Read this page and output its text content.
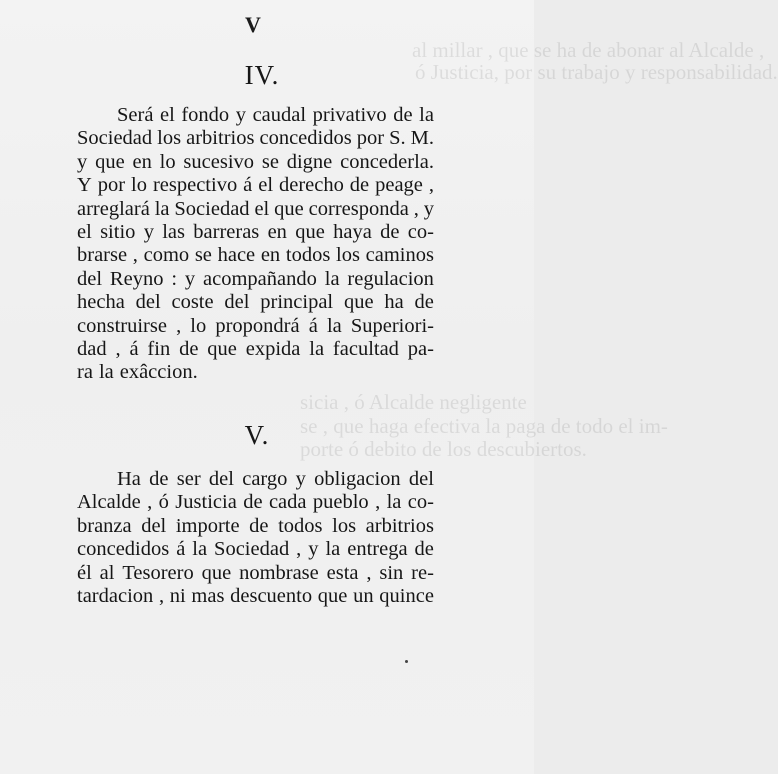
al millar , que se ha de abonar al Alcalde ,
ó Justicia, por su trabajo y responsabilidad.
sicia , ó Alcalde negligente
se , que haga efectiva la paga de todo el im-
porte ó debito de los descubiertos.
V
IV.
Será el fondo y caudal privativo de la
Sociedad los arbitrios concedidos por S. M.
y que en lo sucesivo se digne concederla.
Y por lo respectivo á el derecho de peage ,
arreglará la Sociedad el que corresponda , y
el sitio y las barreras en que haya de co-
brarse , como se hace en todos los caminos
del Reyno : y acompañando la regulacion
hecha del coste del principal que ha de
construirse , lo propondrá á la Superiori-
dad , á fin de que expida la facultad pa-
ra la exâccion.
V.
Ha de ser del cargo y obligacion del
Alcalde , ó Justicia de cada pueblo , la co-
branza del importe de todos los arbitrios
concedidos á la Sociedad , y la entrega de
él al Tesorero que nombrase esta , sin re-
tardacion , ni mas descuento que un quince
